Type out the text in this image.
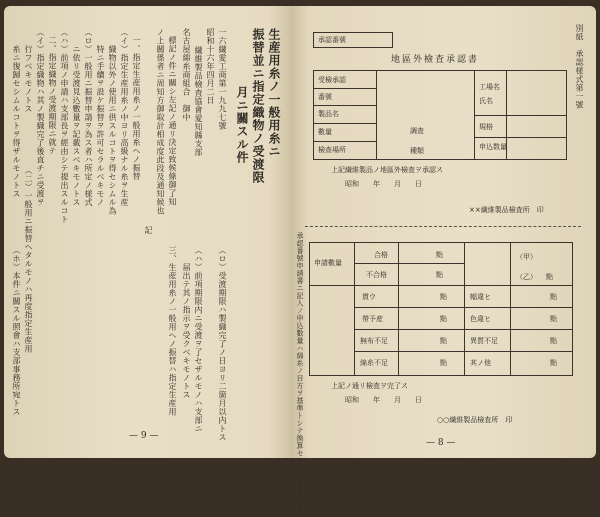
生産用糸ノ一般用糸ニ
振替並ニ指定織物ノ受渡限
月ニ關スル件
一六繊愛工商第一九九七號
昭和十六年四月二日
繊維製品檢査協會愛知縣支部
名古屋綿糸商組合　御中
標記ノ件ニ關シ左記ノ通リ決定致候條御了知
ノ上關係者ニ周知方御取計相成度此段及通知候也
記
一、指定生産用糸ノ一般用糸ヘノ振替
（イ）指定生産用糸ノ中ヨリ高級ナル糸ヲ生産
　　織物以外ノ使用ニ供スルコトヲ得セシムル為
　　特ニ手續ヲ設ケ振替ヲ許可セラルベキモノ
（ロ）一般用ニ振替申請ヲ為ス者ハ所定ノ様式
　　ニ依リ受渡見込數量ヲ記載スベキモノトス
（ハ）前項ノ申請ハ支部長ヲ經由シテ提出スルコト
二、指定織物ノ受渡期限ニ就テ
（イ）指定織物ハ其ノ製織完了後直チニ受渡ヲ
　　行フベキモノトス
（ロ）受渡期限ハ製織完了ノ日ヨリ二箇月以内トス
（ハ）前項期限内ニ受渡ヲ了セザルモノハ支部ニ
　　届出テ其ノ指示ヲ受クベキモノトス
三、生産用糸ノ一般用ヘノ振替ハ指定生産用
（二）一般用ニ振替ヘタルモノハ再度指定生産用
　　糸ニ復歸セシムルコトヲ得ザルモノトス
（ホ）本件ニ關スル照會ハ支部事務所宛トス
— 9 —
別紙　承認様式第一號
承認番號
地區外檢査承認書
受檢承認
番號
製品名
數量
檢查場所
工場名
氏名
規格
申込数量
調査
種類
上記繊維製品ノ地區外檢査ヲ承認ス
昭和　　年　　月　　日
××繊維製品檢査所　印
承認番號申請書ニ記入ノ申込數量ハ綿糸ノ目方ヲ基準トシテ換算セラルベキモノトス 申請數量
合格
不合格
（甲）
（乙）
點
點	點
貫ウ
帶予産
無布不足
綿糸不足
幅違ヒ
色違ヒ
異質不足
其ノ他
點
點
點
點
點
點
點
點
上記ノ通リ檢査ヲ完了ス
昭和　　年　　月　　日
○○繊維製品檢査所　印
— 8 —
